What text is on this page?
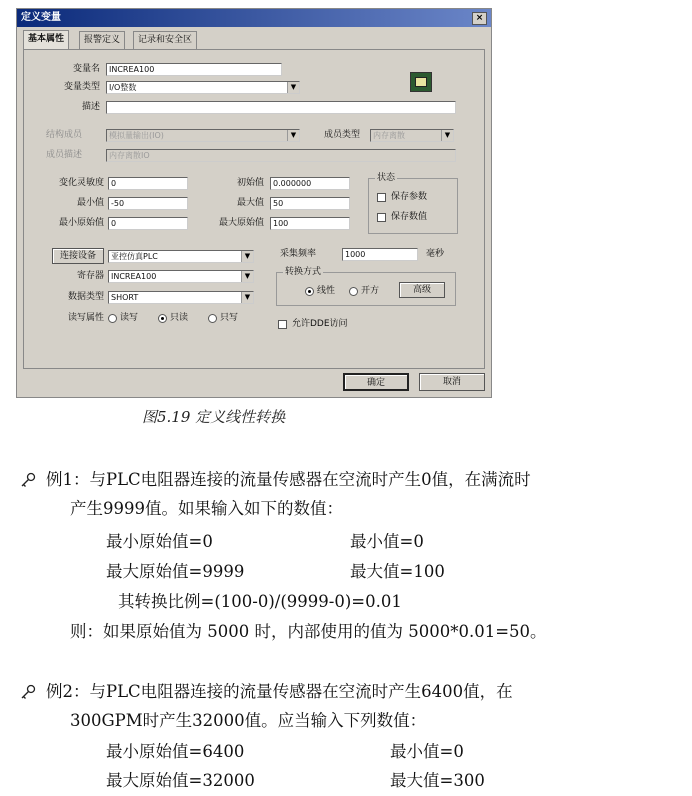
定义变量	×
基本属性	报警定义	记录和安全区
变量名	INCREA100
变量类型	I/O整数	▼
描述
结构成员	模拟量输出(IO)	▼	成员类型	内存离散	▼
成员描述	内存离散IO
变化灵敏度 0	初始值	0.000000
最小值 -50	最大值	50
最小原始值 0	最大原始值	100
状态
保存参数
保存数值
连接设备	亚控仿真PLC	▼
寄存器 INCREA100	▼
数据类型 SHORT	▼
读写属性 读写	只读	只写
采集频率	1000	毫秒
转换方式
线性	开方	高级
允许DDE访问
确定	取消
图5.19 定义线性转换
例1：与PLC电阻器连接的流量传感器在空流时产生0值，在满流时
产生9999值。如果输入如下的数值：
最小原始值=0	最小值=0
最大原始值=9999	最大值=100
其转换比例=(100-0)/(9999-0)=0.01
则：如果原始值为 5000 时，内部使用的值为 5000*0.01=50。
例2：与PLC电阻器连接的流量传感器在空流时产生6400值，在
300GPM时产生32000值。应当输入下列数值：
最小原始值=6400	最小值=0
最大原始值=32000	最大值=300
